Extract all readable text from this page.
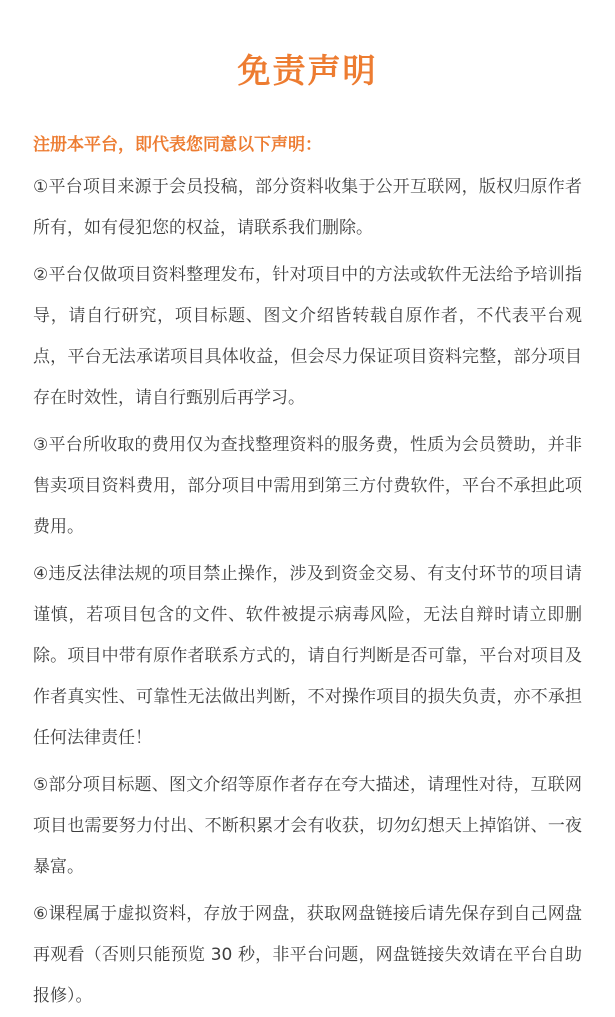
免责声明

注册本平台，即代表您同意以下声明：

①平台项目来源于会员投稿，部分资料收集于公开互联网，版权归原作者所有，如有侵犯您的权益，请联系我们删除。

②平台仅做项目资料整理发布，针对项目中的方法或软件无法给予培训指导，请自行研究，项目标题、图文介绍皆转载自原作者，不代表平台观点，平台无法承诺项目具体收益，但会尽力保证项目资料完整，部分项目存在时效性，请自行甄别后再学习。

③平台所收取的费用仅为查找整理资料的服务费，性质为会员赞助，并非售卖项目资料费用，部分项目中需用到第三方付费软件，平台不承担此项费用。

④违反法律法规的项目禁止操作，涉及到资金交易、有支付环节的项目请谨慎，若项目包含的文件、软件被提示病毒风险，无法自辩时请立即删除。项目中带有原作者联系方式的，请自行判断是否可靠，平台对项目及作者真实性、可靠性无法做出判断，不对操作项目的损失负责，亦不承担任何法律责任！

⑤部分项目标题、图文介绍等原作者存在夸大描述，请理性对待，互联网项目也需要努力付出、不断积累才会有收获，切勿幻想天上掉馅饼、一夜暴富。

⑥课程属于虚拟资料，存放于网盘，获取网盘链接后请先保存到自己网盘再观看（否则只能预览 30 秒，非平台问题，网盘链接失效请在平台自助报修）。
